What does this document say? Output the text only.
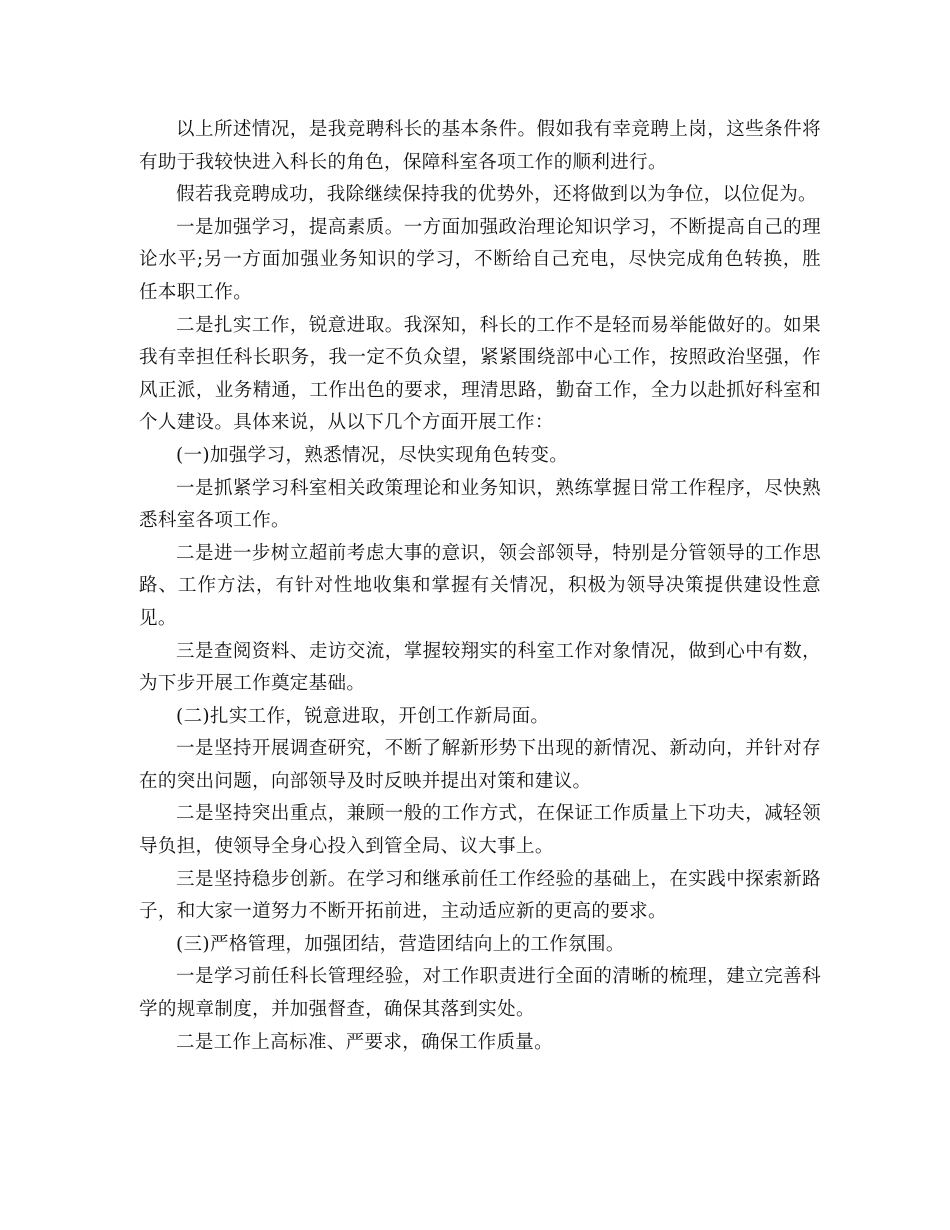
以上所述情况，是我竞聘科长的基本条件。假如我有幸竞聘上岗，这些条件将有助于我较快进入科长的角色，保障科室各项工作的顺利进行。

假若我竞聘成功，我除继续保持我的优势外，还将做到以为争位，以位促为。

一是加强学习，提高素质。一方面加强政治理论知识学习，不断提高自己的理论水平;另一方面加强业务知识的学习，不断给自己充电，尽快完成角色转换，胜任本职工作。

二是扎实工作，锐意进取。我深知，科长的工作不是轻而易举能做好的。如果我有幸担任科长职务，我一定不负众望，紧紧围绕部中心工作，按照政治坚强，作风正派，业务精通，工作出色的要求，理清思路，勤奋工作，全力以赴抓好科室和个人建设。具体来说，从以下几个方面开展工作：

(一)加强学习，熟悉情况，尽快实现角色转变。

一是抓紧学习科室相关政策理论和业务知识，熟练掌握日常工作程序，尽快熟悉科室各项工作。

二是进一步树立超前考虑大事的意识，领会部领导，特别是分管领导的工作思路、工作方法，有针对性地收集和掌握有关情况，积极为领导决策提供建设性意见。

三是查阅资料、走访交流，掌握较翔实的科室工作对象情况，做到心中有数，为下步开展工作奠定基础。

(二)扎实工作，锐意进取，开创工作新局面。

一是坚持开展调查研究，不断了解新形势下出现的新情况、新动向，并针对存在的突出问题，向部领导及时反映并提出对策和建议。

二是坚持突出重点，兼顾一般的工作方式，在保证工作质量上下功夫，减轻领导负担，使领导全身心投入到管全局、议大事上。

三是坚持稳步创新。在学习和继承前任工作经验的基础上，在实践中探索新路子，和大家一道努力不断开拓前进，主动适应新的更高的要求。

(三)严格管理，加强团结，营造团结向上的工作氛围。

一是学习前任科长管理经验，对工作职责进行全面的清晰的梳理，建立完善科学的规章制度，并加强督查，确保其落到实处。

二是工作上高标准、严要求，确保工作质量。
